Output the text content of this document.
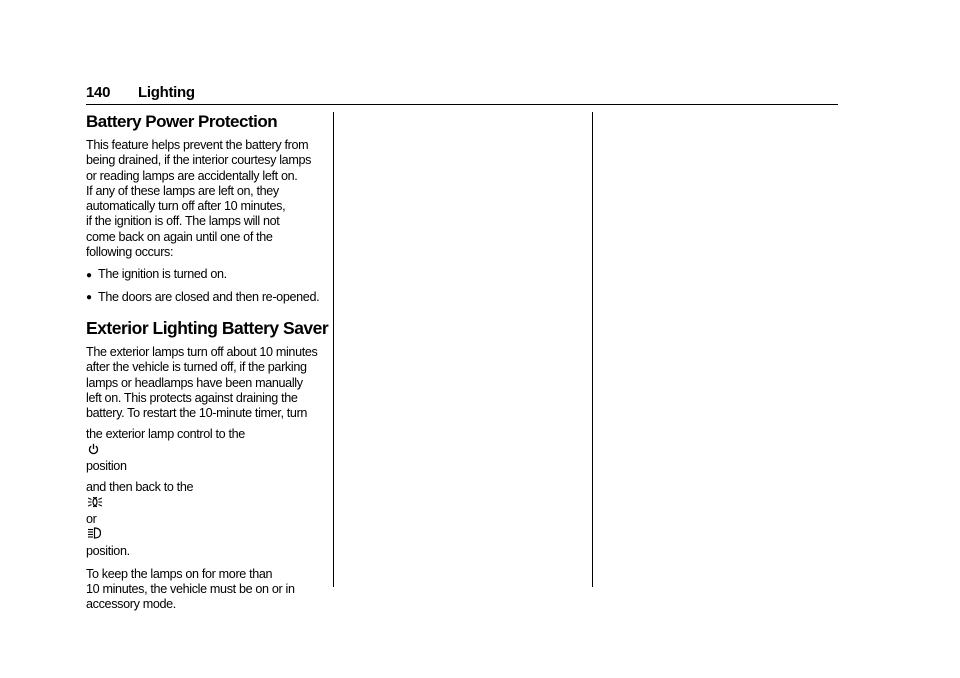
140 Lighting
Battery Power Protection

This feature helps prevent the battery from
being drained, if the interior courtesy lamps
or reading lamps are accidentally left on.
If any of these lamps are left on, they
automatically turn off after 10 minutes,
if the ignition is off. The lamps will not
come back on again until one of the
following occurs:

● The ignition is turned on.
● The doors are closed and then re-opened.
Exterior Lighting Battery Saver

The exterior lamps turn off about 10 minutes
after the vehicle is turned off, if the parking
lamps or headlamps have been manually
left on. This protects against draining the
battery. To restart the 10-minute timer, turn
the exterior lamp control to the
position
and then back to the
or
position.

To keep the lamps on for more than
10 minutes, the vehicle must be on or in
accessory mode.
